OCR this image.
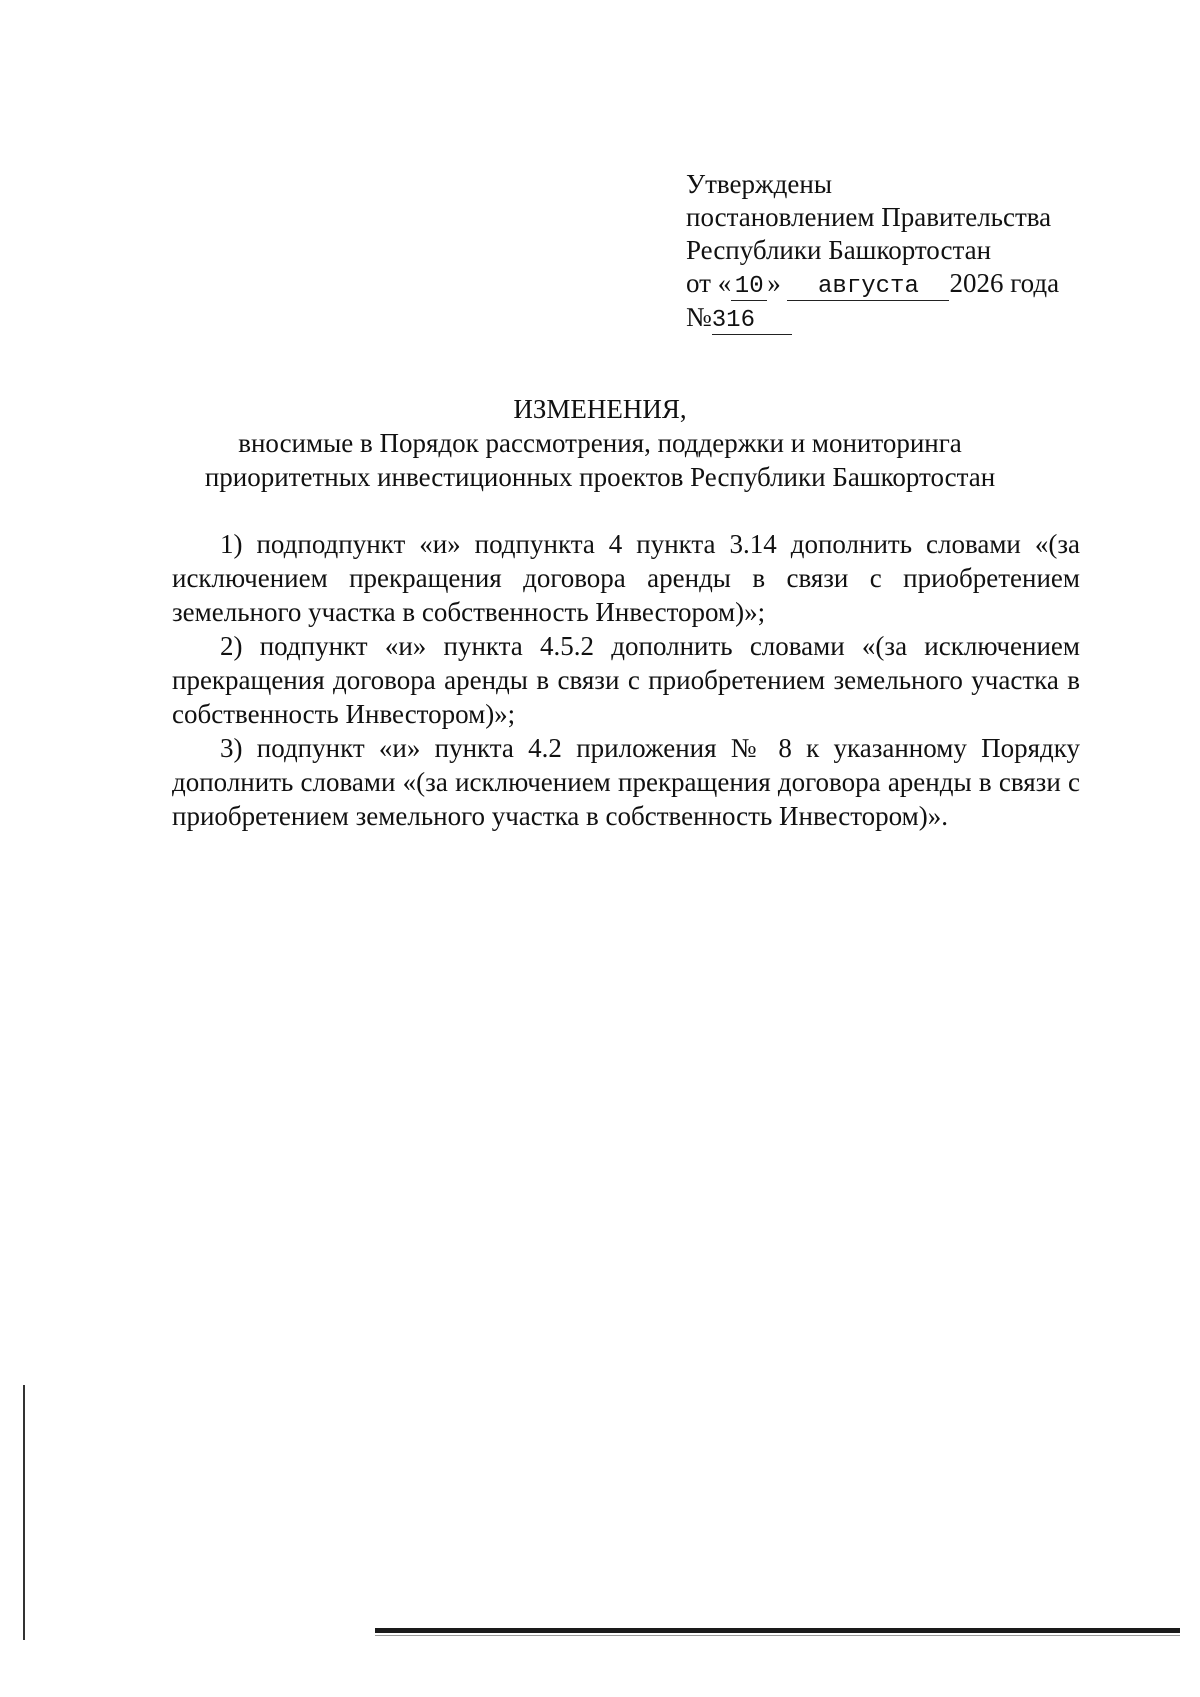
Утверждены
постановлением Правительства
Республики Башкортостан
от « 10 » августа 2026 года
№316
ИЗМЕНЕНИЯ,
вносимые в Порядок рассмотрения, поддержки и мониторинга
приоритетных инвестиционных проектов Республики Башкортостан

1) подподпункт «и» подпункта 4 пункта 3.14 дополнить словами «(за исключением прекращения договора аренды в связи с приобретением земельного участка в собственность Инвестором)»;

2) подпункт «и» пункта 4.5.2 дополнить словами «(за исключением прекращения договора аренды в связи с приобретением земельного участка в собственность Инвестором)»;

3) подпункт «и» пункта 4.2 приложения № 8 к указанному Порядку дополнить словами «(за исключением прекращения договора аренды в связи с приобретением земельного участка в собственность Инвестором)».
